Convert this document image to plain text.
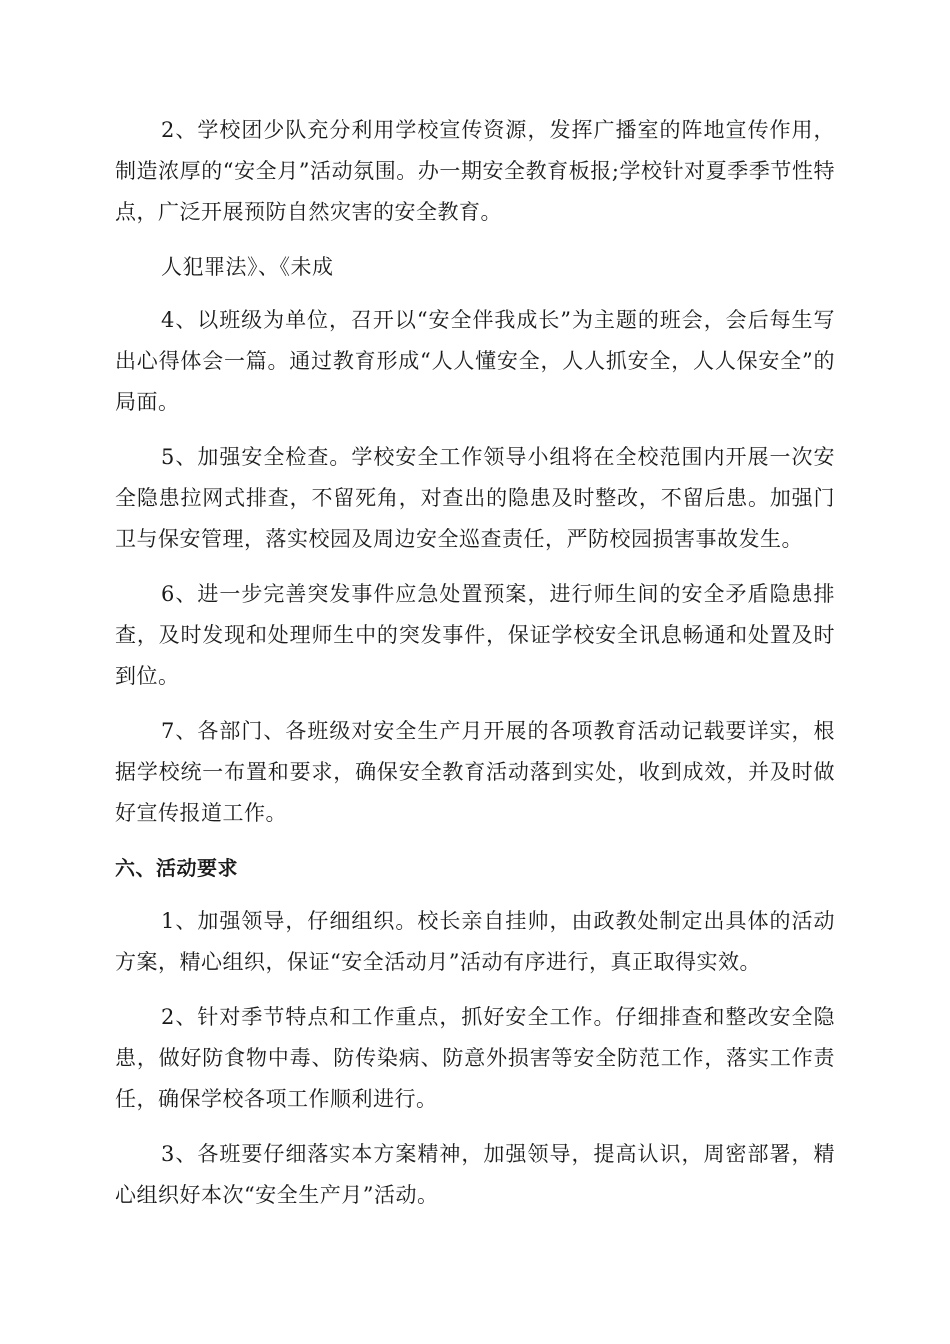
2、学校团少队充分利用学校宣传资源，发挥广播室的阵地宣传作用，制造浓厚的“安全月”活动氛围。办一期安全教育板报;学校针对夏季季节性特点，广泛开展预防自然灾害的安全教育。

人犯罪法》、《未成

4、以班级为单位，召开以“安全伴我成长”为主题的班会，会后每生写出心得体会一篇。通过教育形成“人人懂安全，人人抓安全，人人保安全”的局面。

5、加强安全检查。学校安全工作领导小组将在全校范围内开展一次安全隐患拉网式排查，不留死角，对查出的隐患及时整改，不留后患。加强门卫与保安管理，落实校园及周边安全巡查责任，严防校园损害事故发生。

6、进一步完善突发事件应急处置预案，进行师生间的安全矛盾隐患排查，及时发现和处理师生中的突发事件，保证学校安全讯息畅通和处置及时到位。

7、各部门、各班级对安全生产月开展的各项教育活动记载要详实，根据学校统一布置和要求，确保安全教育活动落到实处，收到成效，并及时做好宣传报道工作。

六、活动要求

1、加强领导，仔细组织。校长亲自挂帅，由政教处制定出具体的活动方案，精心组织，保证“安全活动月”活动有序进行，真正取得实效。

2、针对季节特点和工作重点，抓好安全工作。仔细排查和整改安全隐患，做好防食物中毒、防传染病、防意外损害等安全防范工作，落实工作责任，确保学校各项工作顺利进行。

3、各班要仔细落实本方案精神，加强领导，提高认识，周密部署，精心组织好本次“安全生产月”活动。
